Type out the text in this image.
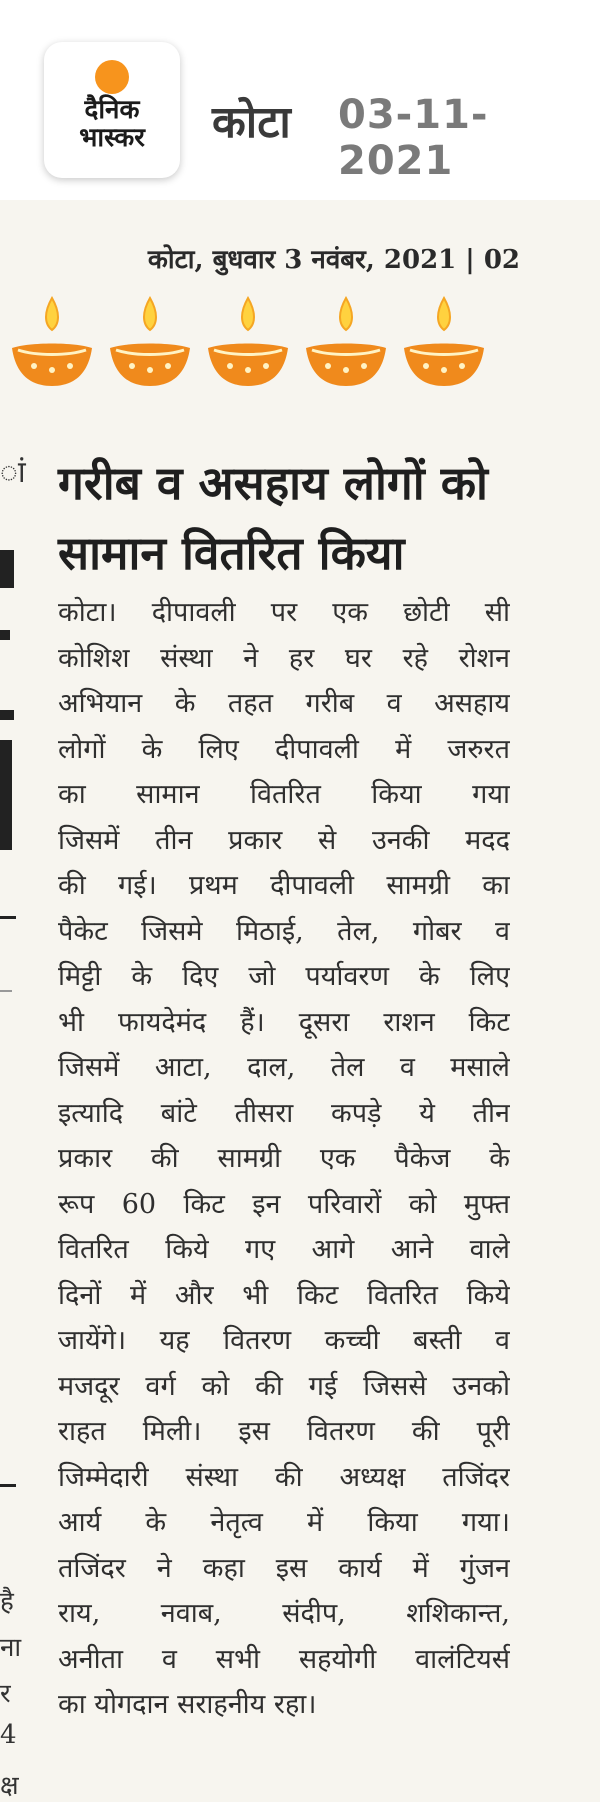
दैनिक
भास्कर	कोटा 03-11-2021
कोटा, बुधवार 3 नवंबर, 2021 | 02
ां
है
ना
र
4
क्ष
गरीब व असहाय लोगों को
सामान वितरित किया
कोटा। दीपावली पर एक छोटी सी
कोशिश संस्था ने हर घर रहे रोशन
अभियान के तहत गरीब व असहाय
लोगों के लिए दीपावली में जरुरत
का सामान वितरित किया गया
जिसमें तीन प्रकार से उनकी मदद
की गई। प्रथम दीपावली सामग्री का
पैकेट जिसमे मिठाई, तेल, गोबर व
मिट्टी के दिए जो पर्यावरण के लिए
भी फायदेमंद हैं। दूसरा राशन किट
जिसमें आटा, दाल, तेल व मसाले
इत्यादि बांटे तीसरा कपड़े ये तीन
प्रकार की सामग्री एक पैकेज के
रूप 60 किट इन परिवारों को मुफ्त
वितरित किये गए आगे आने वाले
दिनों में और भी किट वितरित किये
जायेंगे। यह वितरण कच्ची बस्ती व
मजदूर वर्ग को की गई जिससे उनको
राहत मिली। इस वितरण की पूरी
जिम्मेदारी संस्था की अध्यक्ष तजिंदर
आर्य के नेतृत्व में किया गया।
तजिंदर ने कहा इस कार्य में गुंजन
राय, नवाब, संदीप, शशिकान्त,
अनीता व सभी सहयोगी वालंटियर्स
का योगदान सराहनीय रहा।
